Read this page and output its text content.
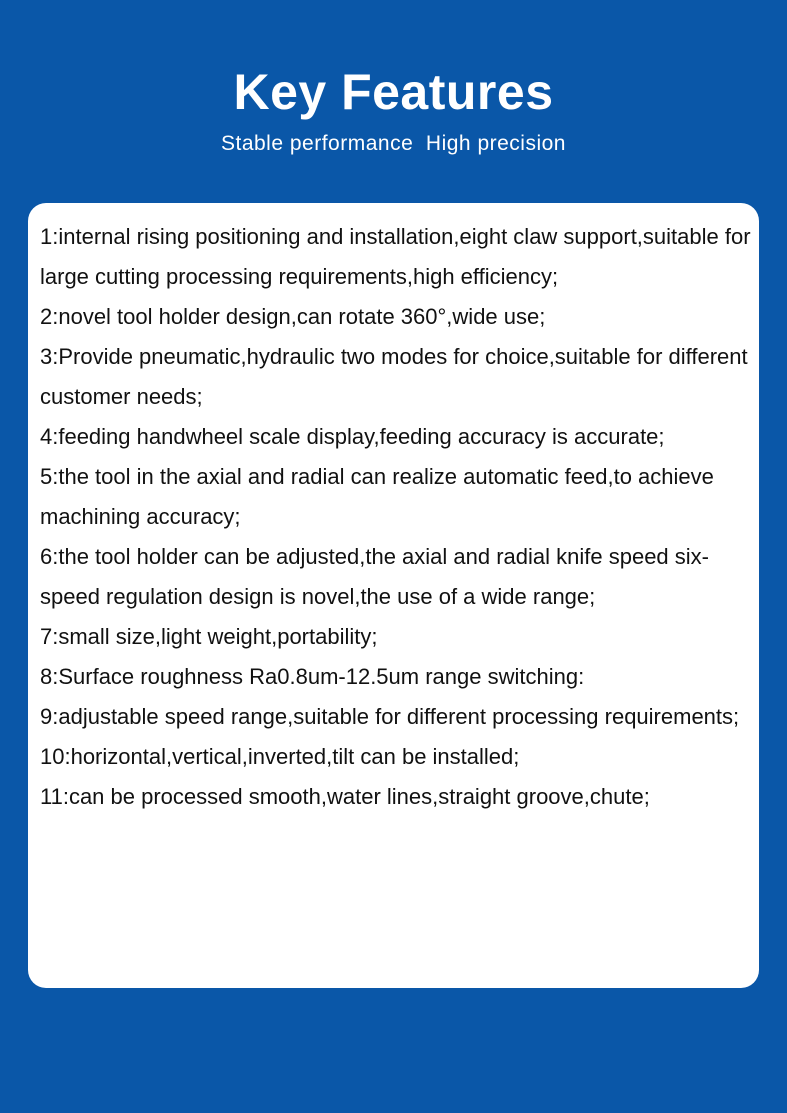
Key Features
Stable performance  High precision
1:internal rising positioning and installation,eight claw support,suitable for large cutting processing requirements,high efficiency;
2:novel tool holder design,can rotate 360°,wide use;
3:Provide pneumatic,hydraulic two modes for choice,suitable for different customer needs;
4:feeding handwheel scale display,feeding accuracy is accurate;
5:the tool in the axial and radial can realize automatic feed,to achieve machining accuracy;
6:the tool holder can be adjusted,the axial and radial knife speed six-speed regulation design is novel,the use of a wide range;
7:small size,light weight,portability;
8:Surface roughness Ra0.8um-12.5um range switching:
9:adjustable speed range,suitable for different processing requirements;
10:horizontal,vertical,inverted,tilt can be installed;
11:can be processed smooth,water lines,straight groove,chute;
